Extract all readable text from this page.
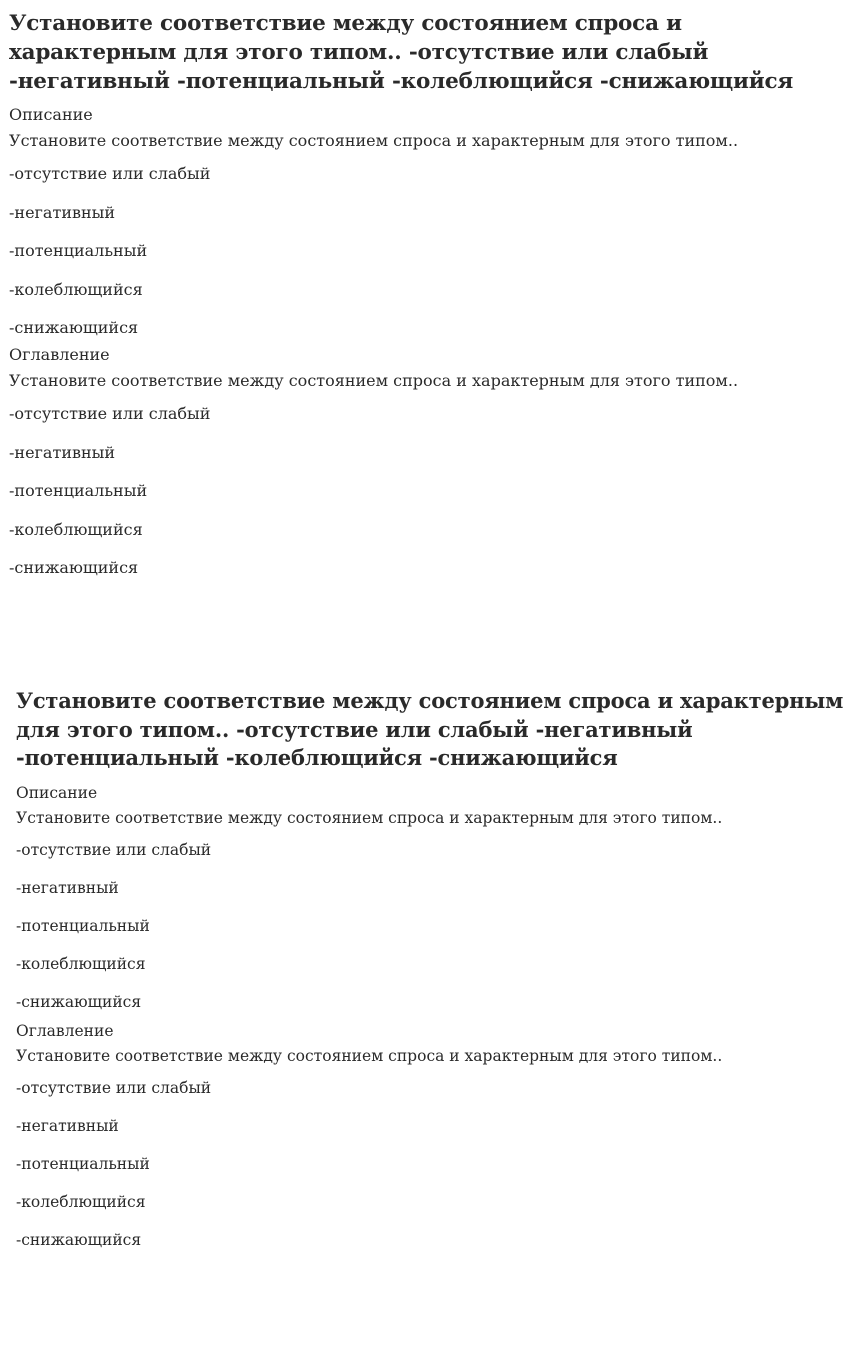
Установите соответствие между состоянием спроса и характерным для этого типом.. -отсутствие или слабый -негативный -потенциальный -колеблющийся -снижающийся
Описание

Установите соответствие между состоянием спроса и характерным для этого типом..

-отсутствие или слабый

-негативный

-потенциальный

-колеблющийся

-снижающийся

Оглавление

Установите соответствие между состоянием спроса и характерным для этого типом..

-отсутствие или слабый

-негативный

-потенциальный

-колеблющийся

-снижающийся

Установите соответствие между состоянием спроса и характерным для этого типом.. -отсутствие или слабый -негативный -потенциальный -колеблющийся -снижающийся
Описание

Установите соответствие между состоянием спроса и характерным для этого типом..

-отсутствие или слабый

-негативный

-потенциальный

-колеблющийся

-снижающийся

Оглавление

Установите соответствие между состоянием спроса и характерным для этого типом..

-отсутствие или слабый

-негативный

-потенциальный

-колеблющийся

-снижающийся
